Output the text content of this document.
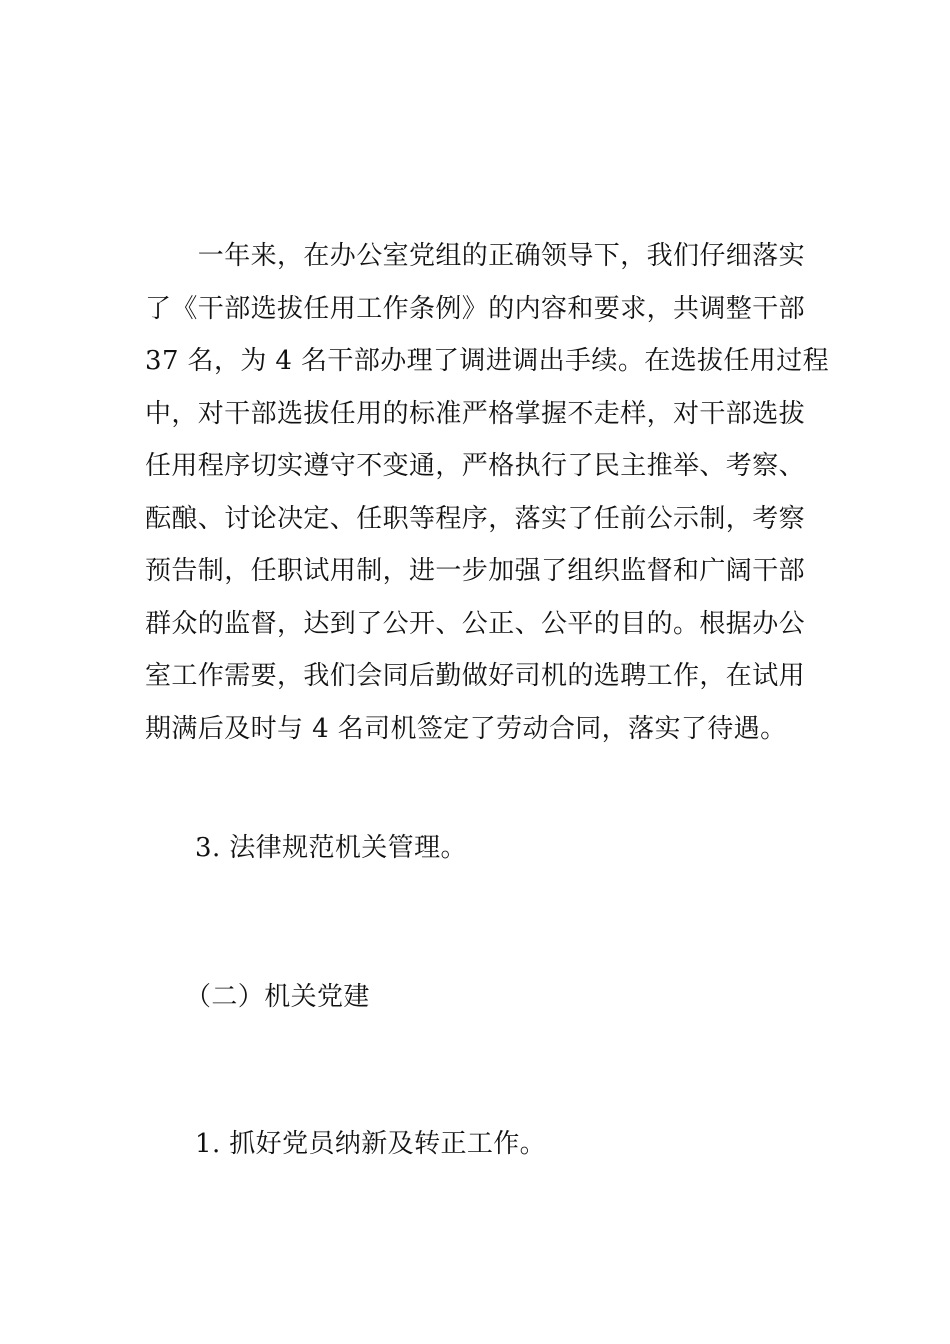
　　一年来，在办公室党组的正确领导下，我们仔细落实
了《干部选拔任用工作条例》的内容和要求，共调整干部
37 名，为 4 名干部办理了调进调出手续。在选拔任用过程
中，对干部选拔任用的标准严格掌握不走样，对干部选拔
任用程序切实遵守不变通，严格执行了民主推举、考察、
酝酿、讨论决定、任职等程序，落实了任前公示制，考察
预告制，任职试用制，进一步加强了组织监督和广阔干部
群众的监督，达到了公开、公正、公平的目的。根据办公
室工作需要，我们会同后勤做好司机的选聘工作，在试用
期满后及时与 4 名司机签定了劳动合同，落实了待遇。
3. 法律规范机关管理。
（二）机关党建
1. 抓好党员纳新及转正工作。
